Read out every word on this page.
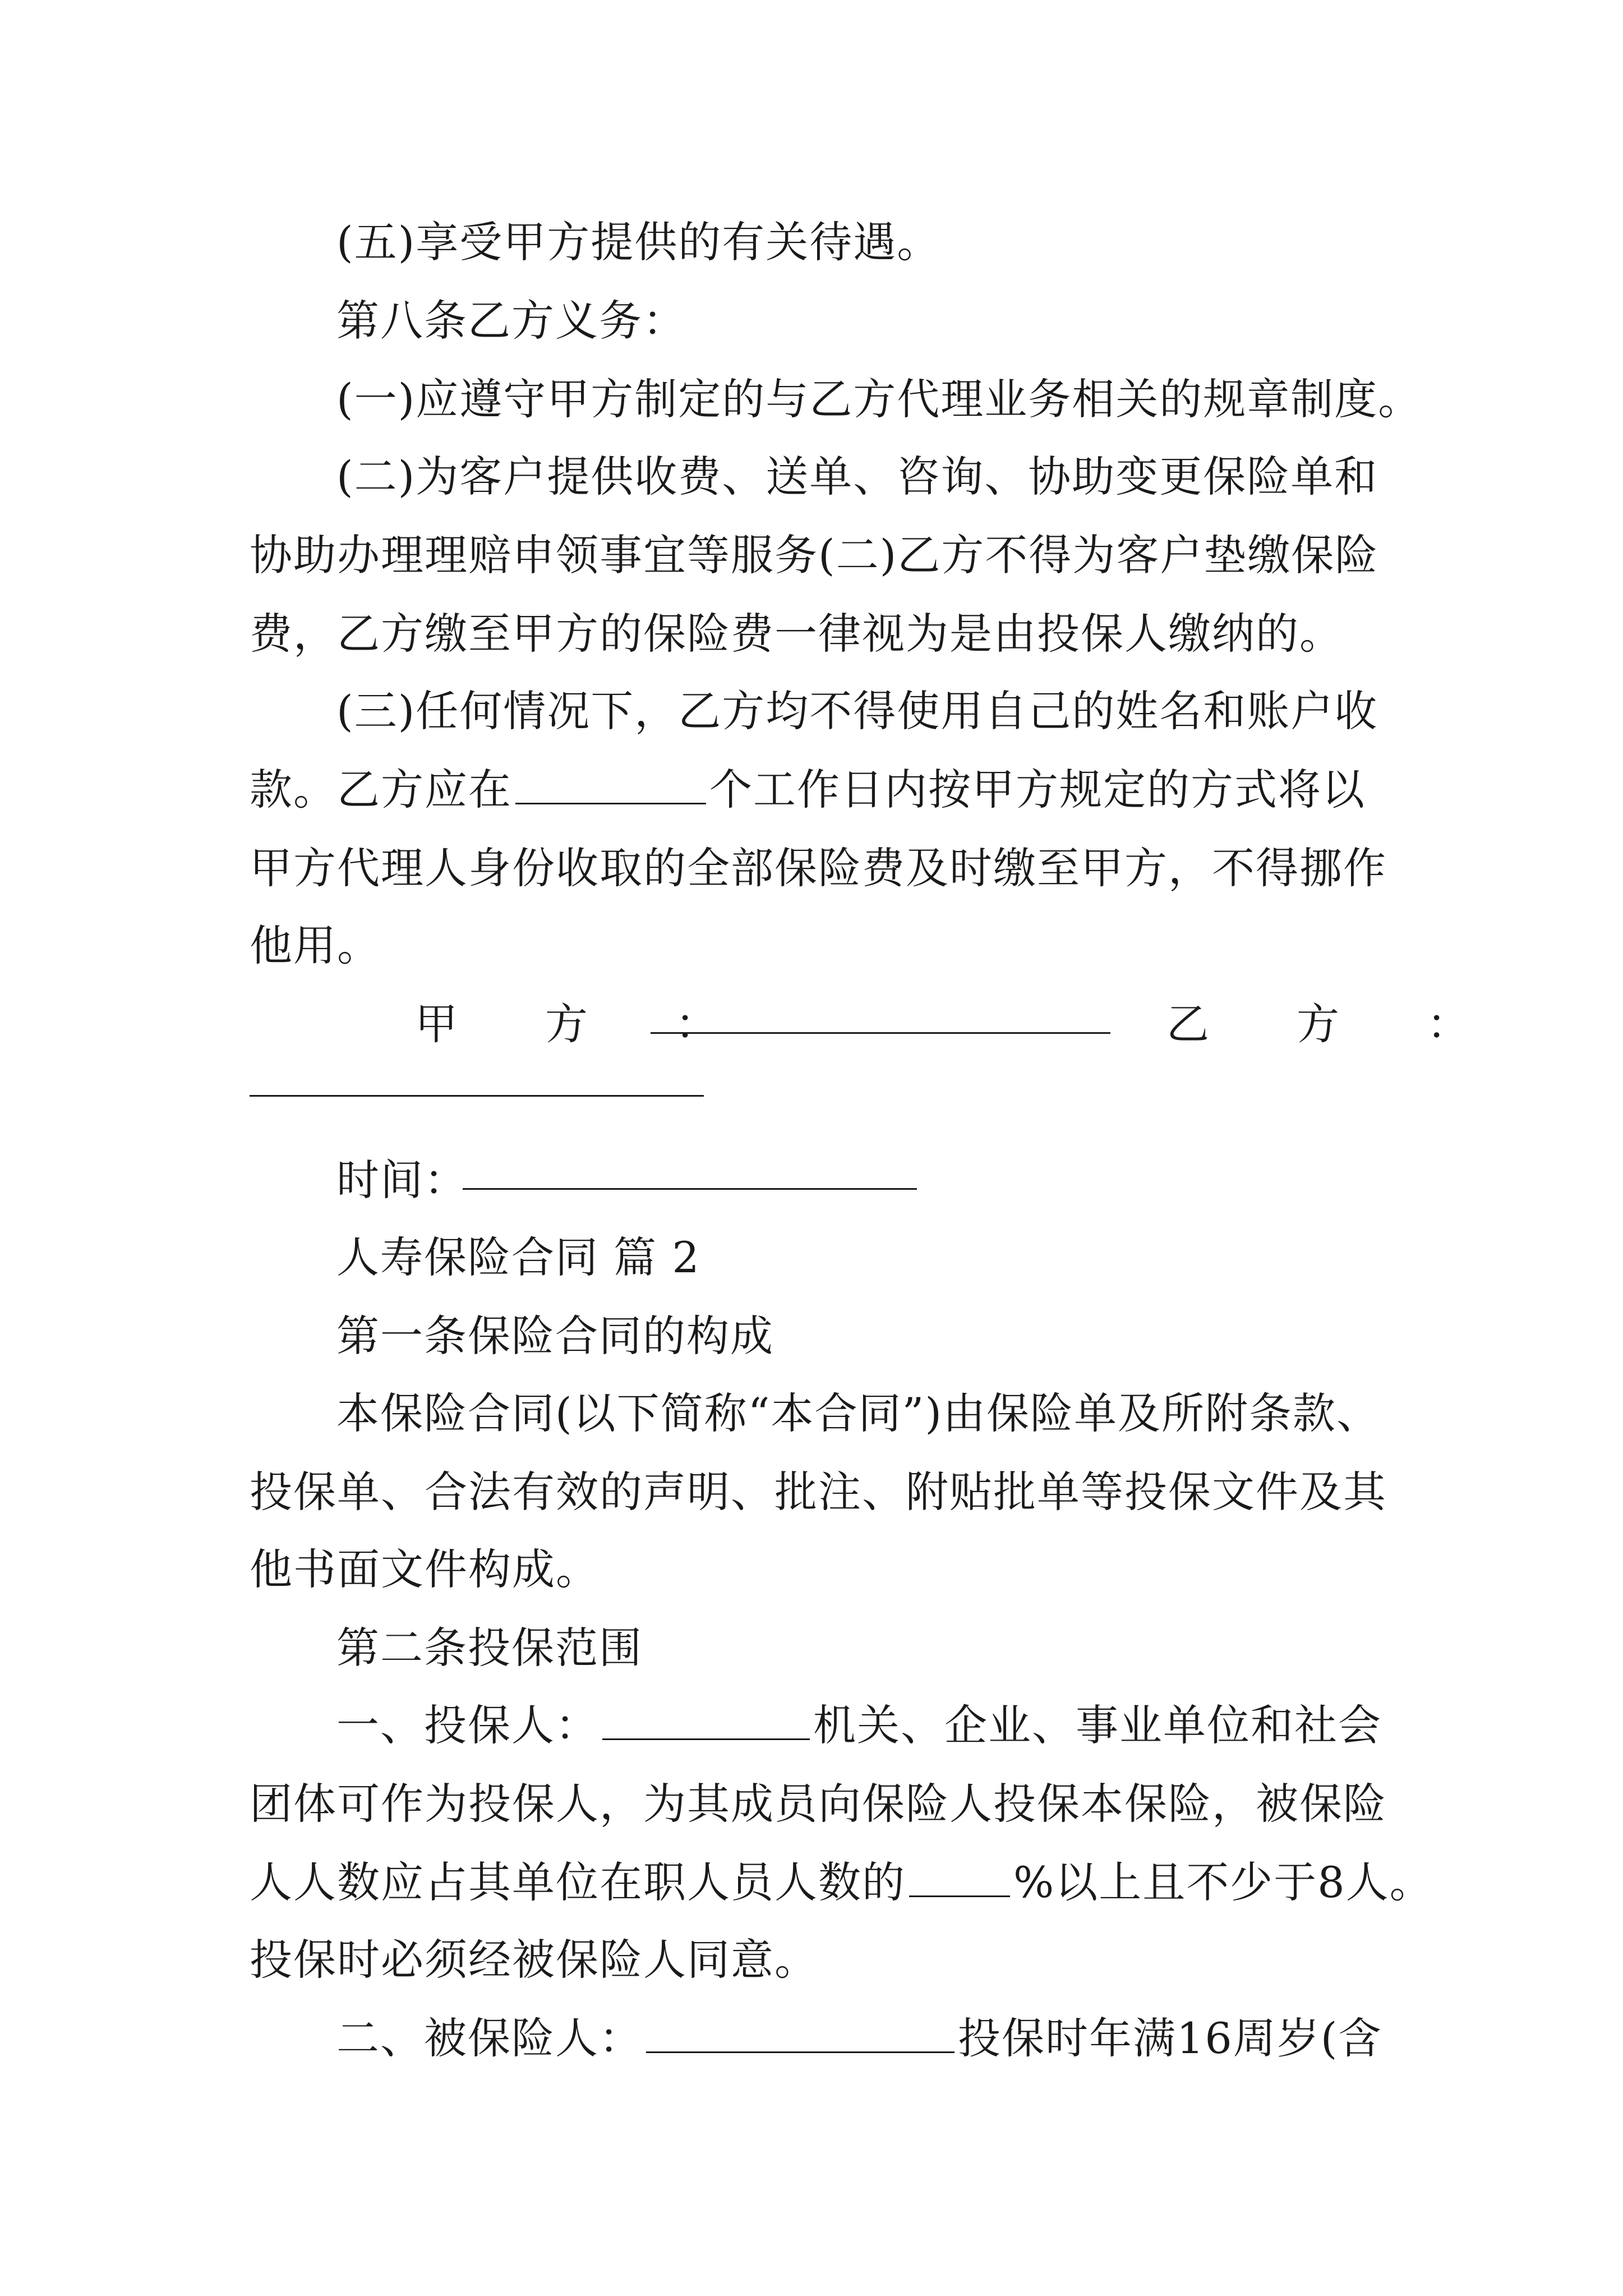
(五)享受甲方提供的有关待遇。
第八条乙方义务：
(一)应遵守甲方制定的与乙方代理业务相关的规章制度。
(二)为客户提供收费、送单、咨询、协助变更保险单和
协助办理理赔申领事宜等服务(二)乙方不得为客户垫缴保险
费，乙方缴至甲方的保险费一律视为是由投保人缴纳的。
(三)任何情况下，乙方均不得使用自己的姓名和账户收
款。乙方应在	个工作日内按甲方规定的方式将以
甲方代理人身份收取的全部保险费及时缴至甲方，不得挪作
他用。
甲　方　：	乙　方　：
时间：
人寿保险合同 篇 2
第一条保险合同的构成
本保险合同(以下简称“本合同”)由保险单及所附条款、
投保单、合法有效的声明、批注、附贴批单等投保文件及其
他书面文件构成。
第二条投保范围
一、投保人：	机关、企业、事业单位和社会
团体可作为投保人，为其成员向保险人投保本保险，被保险
人人数应占其单位在职人员人数的	%以上且不少于8人。
投保时必须经被保险人同意。
二、被保险人：	投保时年满16周岁(含
